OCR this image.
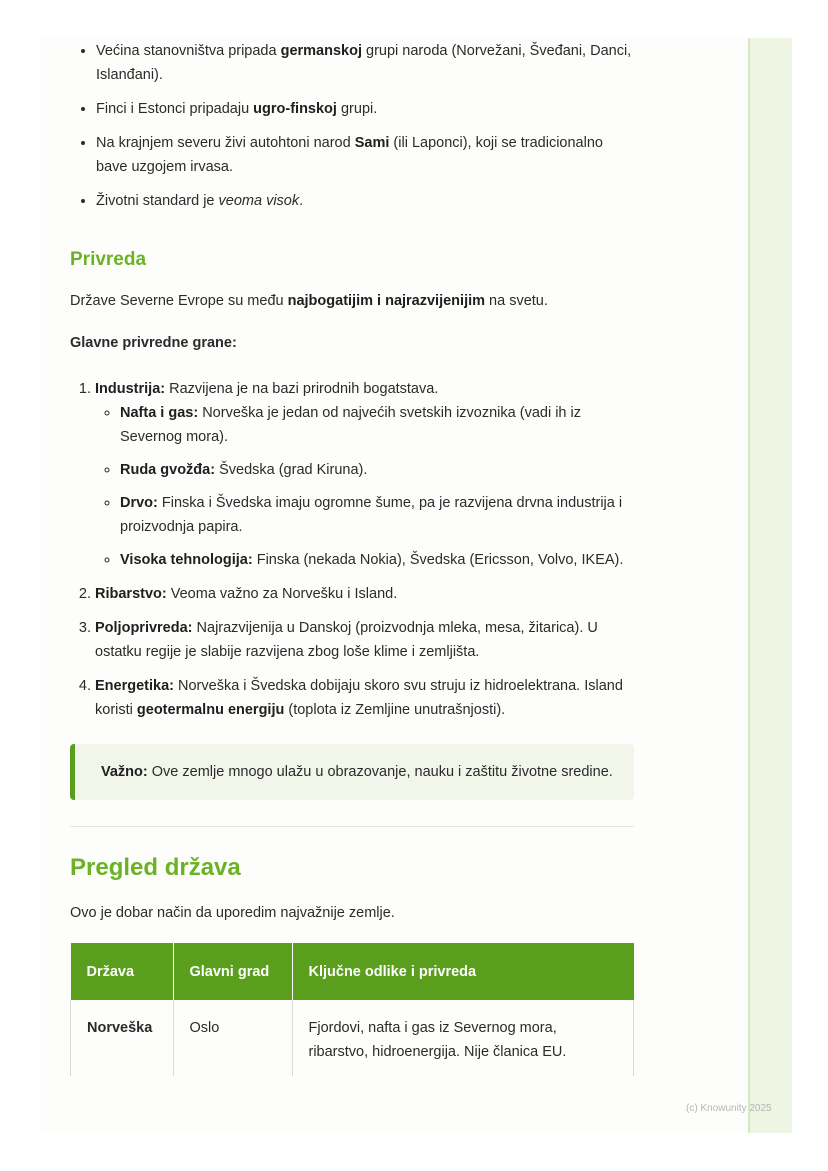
• Većina stanovništva pripada germanskoj grupi naroda (Norvežani, Šveđani, Danci, Islanđani).
• Finci i Estonci pripadaju ugro-finskoj grupi.
• Na krajnjem severu živi autohtoni narod Sami (ili Laponci), koji se tradicionalno bave uzgojem irvasa.
• Životni standard je veoma visok.
Privreda

Države Severne Evrope su među najbogatijim i najrazvijenijim na svetu.

Glavne privredne grane:

1. Industrija: Razvijena je na bazi prirodnih bogatstava.
◦ Nafta i gas: Norveška je jedan od najvećih svetskih izvoznika (vadi ih iz Severnog mora).
◦ Ruda gvožđa: Švedska (grad Kiruna).
◦ Drvo: Finska i Švedska imaju ogromne šume, pa je razvijena drvna industrija i proizvodnja papira.
◦ Visoka tehnologija: Finska (nekada Nokia), Švedska (Ericsson, Volvo, IKEA).
2. Ribarstvo: Veoma važno za Norvešku i Island.
3. Poljoprivreda: Najrazvijenija u Danskoj (proizvodnja mleka, mesa, žitarica). U ostatku regije je slabije razvijena zbog loše klime i zemljišta.
4. Energetika: Norveška i Švedska dobijaju skoro svu struju iz hidroelektrana. Island koristi geotermalnu energiju (toplota iz Zemljine unutrašnjosti).
Važno: Ove zemlje mnogo ulažu u obrazovanje, nauku i zaštitu životne sredine.
Pregled država

Ovo je dobar način da uporedim najvažnije zemlje.

Država	Glavni grad	Ključne odlike i privreda
Norveška	Oslo	Fjordovi, nafta i gas iz Severnog mora, ribarstvo, hidroenergija. Nije članica EU.
(c) Knowunity 2025
